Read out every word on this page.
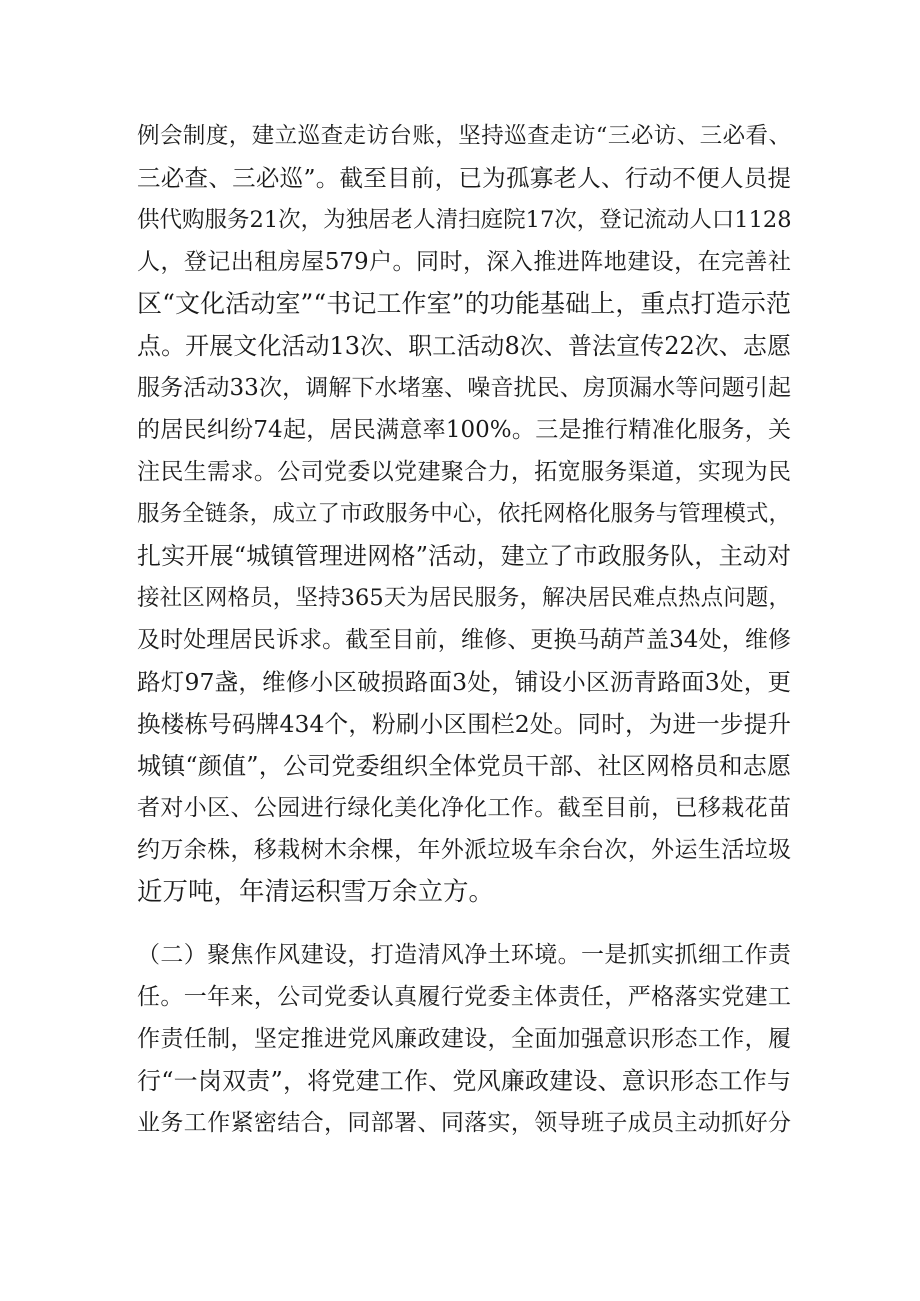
例会制度，建立巡查走访台账，坚持巡查走访“三必访、三必看、
三必查、三必巡”。截至目前，已为孤寡老人、行动不便人员提
供代购服务21次，为独居老人清扫庭院17次，登记流动人口1128
人，登记出租房屋579户。同时，深入推进阵地建设，在完善社
区“文化活动室”“书记工作室”的功能基础上，重点打造示范
点。开展文化活动13次、职工活动8次、普法宣传22次、志愿
服务活动33次，调解下水堵塞、噪音扰民、房顶漏水等问题引起
的居民纠纷74起，居民满意率100%。三是推行精准化服务，关
注民生需求。公司党委以党建聚合力，拓宽服务渠道，实现为民
服务全链条，成立了市政服务中心，依托网格化服务与管理模式，
扎实开展“城镇管理进网格”活动，建立了市政服务队，主动对
接社区网格员，坚持365天为居民服务，解决居民难点热点问题，
及时处理居民诉求。截至目前，维修、更换马葫芦盖34处，维修
路灯97盏，维修小区破损路面3处，铺设小区沥青路面3处，更
换楼栋号码牌434个，粉刷小区围栏2处。同时，为进一步提升
城镇“颜值”，公司党委组织全体党员干部、社区网格员和志愿
者对小区、公园进行绿化美化净化工作。截至目前，已移栽花苗
约万余株，移栽树木余棵，年外派垃圾车余台次，外运生活垃圾
近万吨，年清运积雪万余立方。
（二）聚焦作风建设，打造清风净土环境。一是抓实抓细工作责
任。一年来，公司党委认真履行党委主体责任，严格落实党建工
作责任制，坚定推进党风廉政建设，全面加强意识形态工作，履
行“一岗双责”，将党建工作、党风廉政建设、意识形态工作与
业务工作紧密结合，同部署、同落实，领导班子成员主动抓好分
